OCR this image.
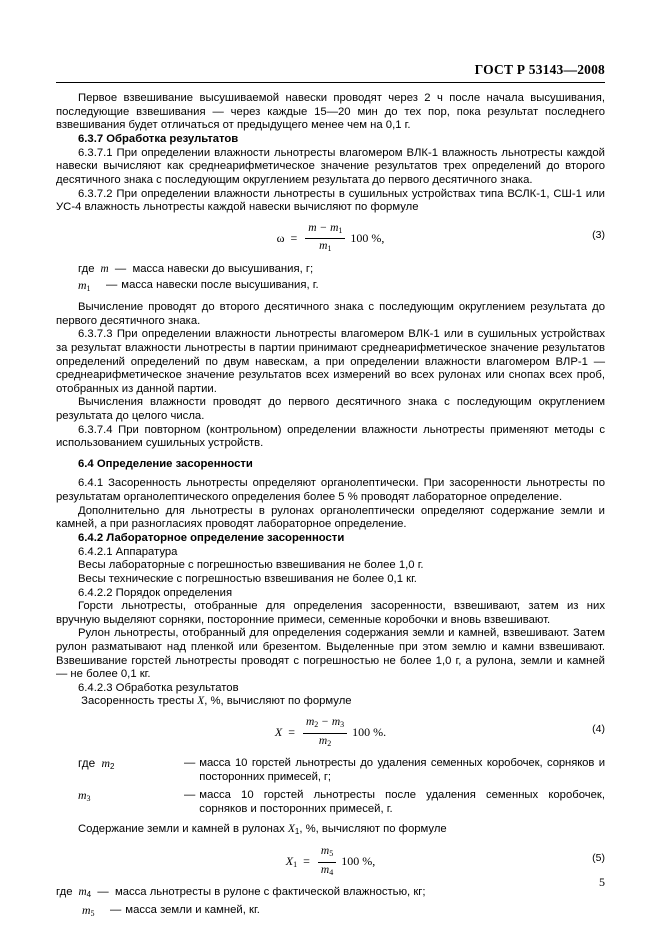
ГОСТ Р 53143—2008

Первое взвешивание высушиваемой навески проводят через 2 ч после начала высушивания, последующие взвешивания — через каждые 15—20 мин до тех пор, пока результат последнего взвешивания будет отличаться от предыдущего менее чем на 0,1 г.

6.3.7 Обработка результатов

6.3.7.1 При определении влажности льнотресты влагомером ВЛК-1 влажность льнотресты каждой навески вычисляют как среднеарифметическое значение результатов трех определений до второго десятичного знака с последующим округлением результата до первого десятичного знака.

6.3.7.2 При определении влажности льнотресты в сушильных устройствах типа ВСЛК-1, СШ-1 или УС-4 влажность льнотресты каждой навески вычисляют по формуле

$\omega = \frac{m - m_1}{m_1} 100$ %,	(3)

где  m  —  масса навески до высушивания, г;

$m_1$	— масса навески после высушивания, г.

Вычисление проводят до второго десятичного знака с последующим округлением результата до первого десятичного знака.

6.3.7.3 При определении влажности льнотресты влагомером ВЛК-1 или в сушильных устройствах за результат влажности льнотресты в партии принимают среднеарифметическое значение результатов определений определений по двум навескам, а при определении влажности влагомером ВЛР-1 — среднеарифметическое значение результатов всех измерений во всех рулонах или снопах всех проб, отобранных из данной партии.

Вычисления влажности проводят до первого десятичного знака с последующим округлением результата до целого числа.

6.3.7.4 При повторном (контрольном) определении влажности льнотресты применяют методы с использованием сушильных устройств.

6.4 Определение засоренности

6.4.1 Засоренность льнотресты определяют органолептически. При засоренности льнотресты по результатам органолептического определения более 5 % проводят лабораторное определение.

Дополнительно для льнотресты в рулонах органолептически определяют содержание земли и камней, а при разногласиях проводят лабораторное определение.

6.4.2 Лабораторное определение засоренности

6.4.2.1 Аппаратура

Весы лабораторные с погрешностью взвешивания не более 1,0 г.

Весы технические с погрешностью взвешивания не более 0,1 кг.

6.4.2.2 Порядок определения

Горсти льнотресты, отобранные для определения засоренности, взвешивают, затем из них вручную выделяют сорняки, посторонние примеси, семенные коробочки и вновь взвешивают.

Рулон льнотресты, отобранный для определения содержания земли и камней, взвешивают. Затем рулон разматывают над пленкой или брезентом. Выделенные при этом землю и камни взвешивают. Взвешивание горстей льнотресты проводят с погрешностью не более 1,0 г, а рулона, земли и камней — не более 0,1 кг.

6.4.2.3 Обработка результатов

Засоренность тресты X, %, вычисляют по формуле

$X = \frac{m_2 - m_3}{m_2} 100$ %.	(4)
где  $m_2$	— масса 10 горстей льнотресты до удаления семенных коробочек, сорняков и посторонних примесей, г;
$m_3$	— масса 10 горстей льнотресты после удаления семенных коробочек, сорняков и посторонних примесей, г.

Содержание земли и камней в рулонах $X_1$, %, вычисляют по формуле

$X_1 = \frac{m_5}{m_4} 100$ %,	(5)

где  $m_4$  —  масса льнотресты в рулоне с фактической влажностью, кг;

$m_5$	— масса земли и камней, кг.
5
